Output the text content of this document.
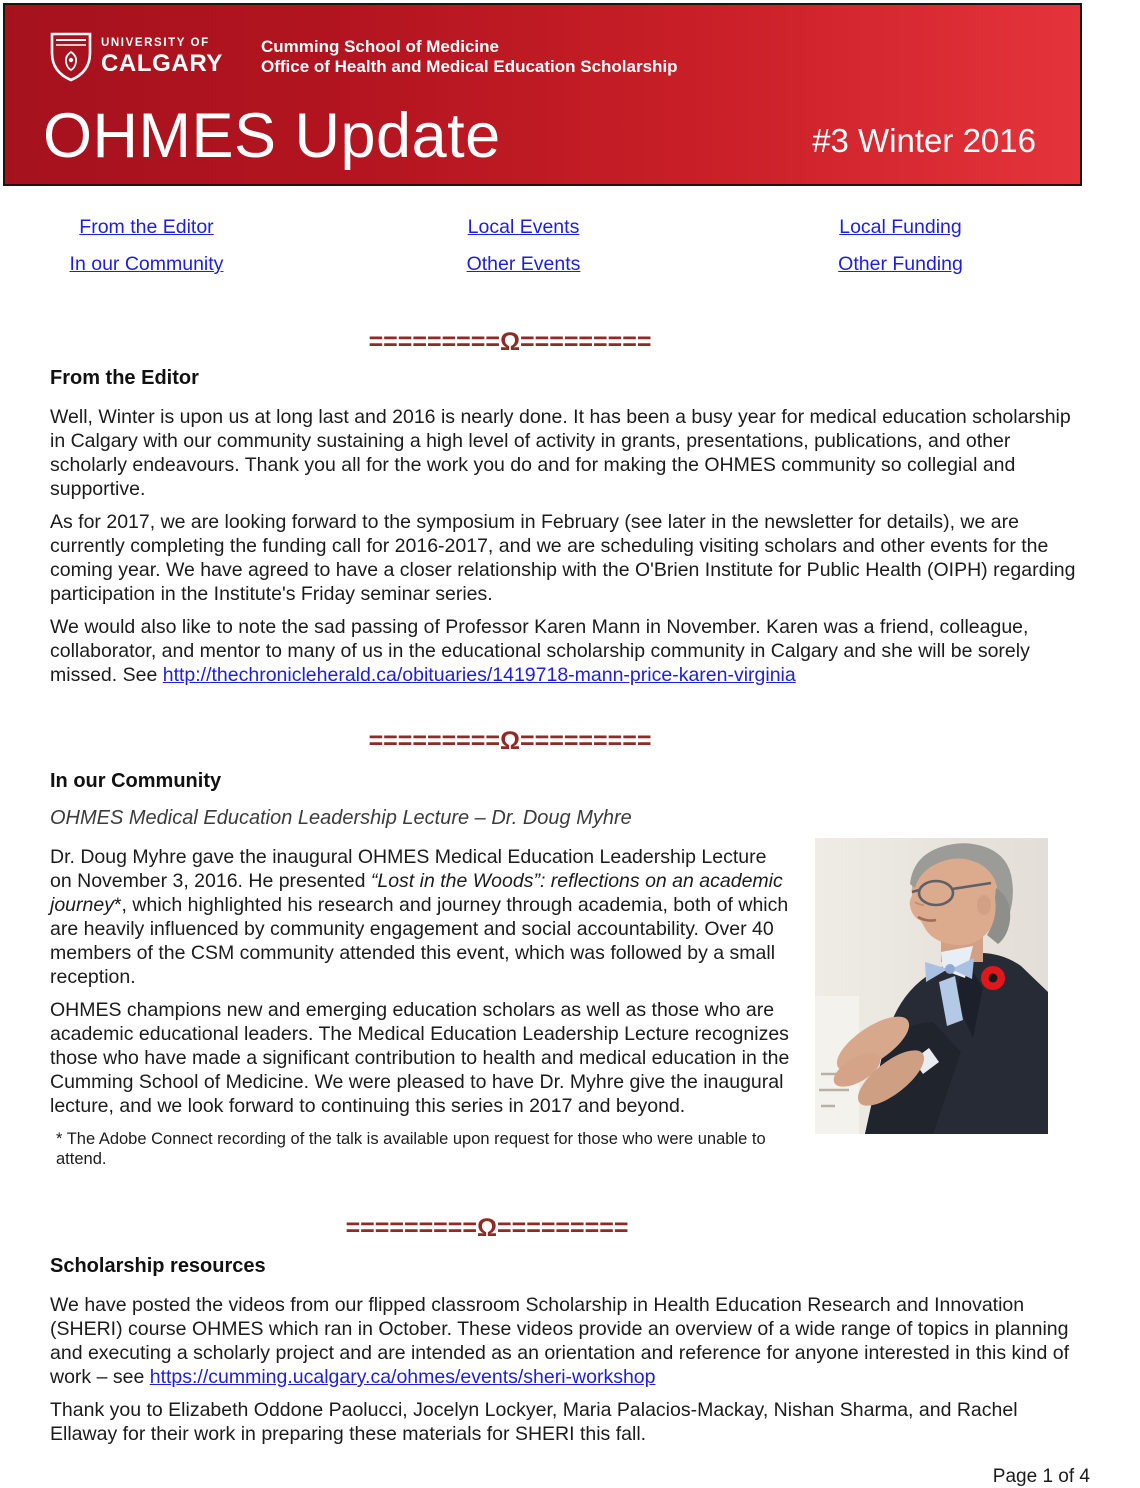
UNIVERSITY OF
CALGARY
Cumming School of Medicine
Office of Health and Medical Education Scholarship
OHMES Update	#3 Winter 2016
From the Editor	Local Events	Local Funding
In our Community	Other Events	Other Funding
=========Ω=========
From the Editor

Well, Winter is upon us at long last and 2016 is nearly done. It has been a busy year for medical education scholarship in Calgary with our community sustaining a high level of activity in grants, presentations, publications, and other scholarly endeavours. Thank you all for the work you do and for making the OHMES community so collegial and supportive.

As for 2017, we are looking forward to the symposium in February (see later in the newsletter for details), we are currently completing the funding call for 2016-2017, and we are scheduling visiting scholars and other events for the coming year. We have agreed to have a closer relationship with the O'Brien Institute for Public Health (OIPH) regarding participation in the Institute's Friday seminar series.

We would also like to note the sad passing of Professor Karen Mann in November. Karen was a friend, colleague, collaborator, and mentor to many of us in the educational scholarship community in Calgary and she will be sorely missed. See http://thechronicleherald.ca/obituaries/1419718-mann-price-karen-virginia

=========Ω=========
In our Community
OHMES Medical Education Leadership Lecture – Dr. Doug Myhre

Dr. Doug Myhre gave the inaugural OHMES Medical Education Leadership Lecture on November 3, 2016. He presented “Lost in the Woods”: reflections on an academic journey*, which highlighted his research and journey through academia, both of which are heavily influenced by community engagement and social accountability. Over 40 members of the CSM community attended this event, which was followed by a small reception.

OHMES champions new and emerging education scholars as well as those who are academic educational leaders. The Medical Education Leadership Lecture recognizes those who have made a significant contribution to health and medical education in the Cumming School of Medicine. We were pleased to have Dr. Myhre give the inaugural lecture, and we look forward to continuing this series in 2017 and beyond.

* The Adobe Connect recording of the talk is available upon request for those who were unable to attend.

=========Ω=========
Scholarship resources

We have posted the videos from our flipped classroom Scholarship in Health Education Research and Innovation (SHERI) course OHMES which ran in October. These videos provide an overview of a wide range of topics in planning and executing a scholarly project and are intended as an orientation and reference for anyone interested in this kind of work – see https://cumming.ucalgary.ca/ohmes/events/sheri-workshop

Thank you to Elizabeth Oddone Paolucci, Jocelyn Lockyer, Maria Palacios-Mackay, Nishan Sharma, and Rachel Ellaway for their work in preparing these materials for SHERI this fall.

Page 1 of 4
